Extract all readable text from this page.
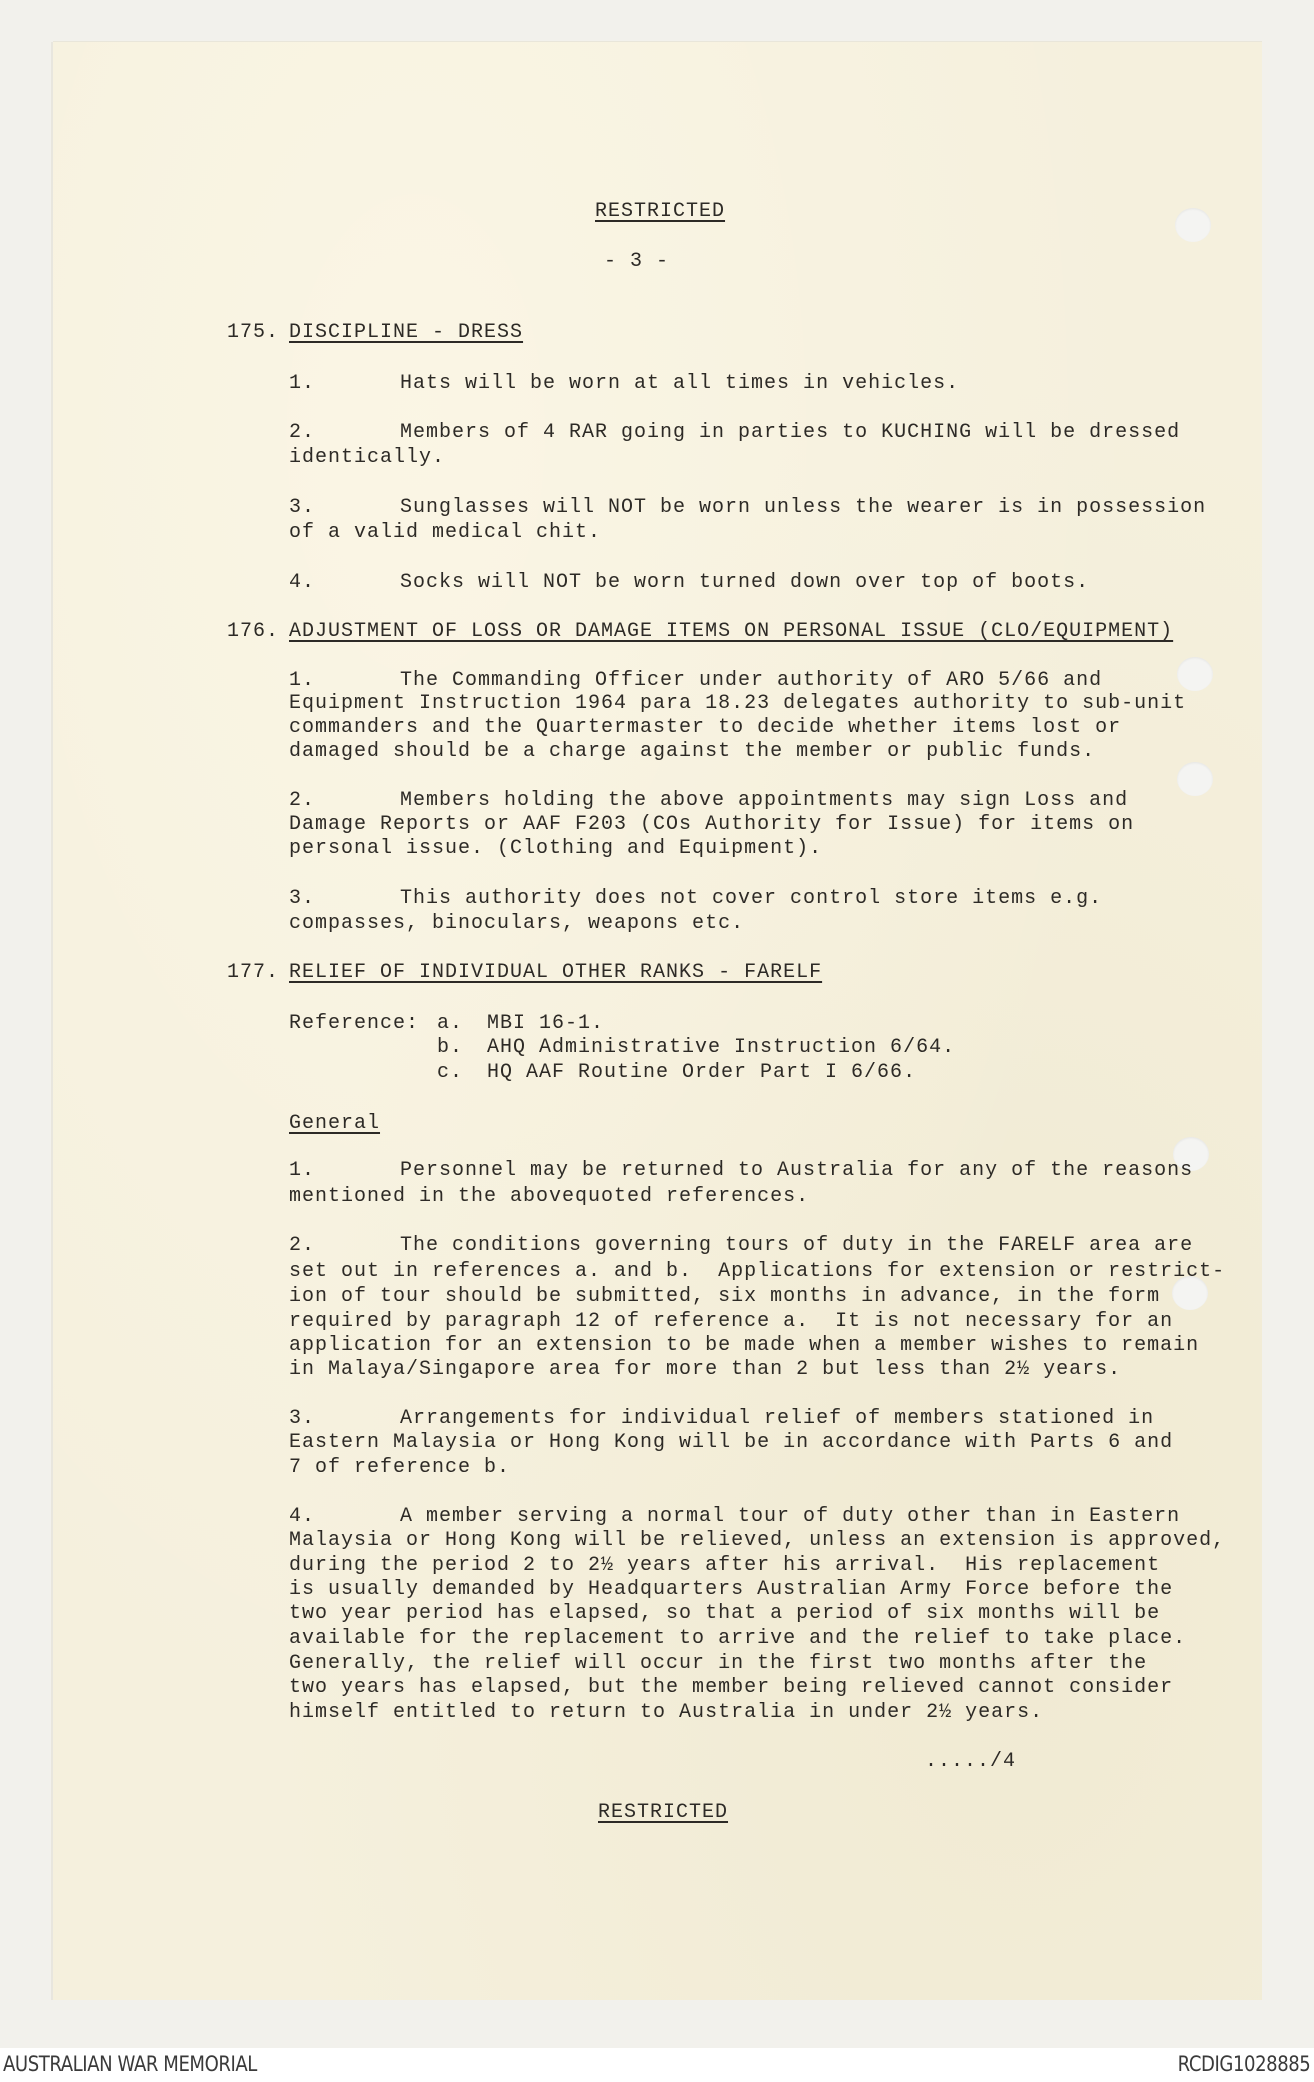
RESTRICTED
- 3 -
175. DISCIPLINE - DRESS
1.	Hats will be worn at all times in vehicles.
2.	Members of 4 RAR going in parties to KUCHING will be dressed
identically.
3.	Sunglasses will NOT be worn unless the wearer is in possession
of a valid medical chit.
4.	Socks will NOT be worn turned down over top of boots.
176. ADJUSTMENT OF LOSS OR DAMAGE ITEMS ON PERSONAL ISSUE (CLO/EQUIPMENT)
1.	The Commanding Officer under authority of ARO 5/66 and
Equipment Instruction 1964 para 18.23 delegates authority to sub-unit
commanders and the Quartermaster to decide whether items lost or
damaged should be a charge against the member or public funds.
2.	Members holding the above appointments may sign Loss and
Damage Reports or AAF F203 (COs Authority for Issue) for items on
personal issue. (Clothing and Equipment).
3.	This authority does not cover control store items e.g.
compasses, binoculars, weapons etc.
177. RELIEF OF INDIVIDUAL OTHER RANKS - FARELF
Reference: a. MBI 16-1.
b. AHQ Administrative Instruction 6/64.
c. HQ AAF Routine Order Part I 6/66.
General
1.	Personnel may be returned to Australia for any of the reasons
mentioned in the abovequoted references.
2.	The conditions governing tours of duty in the FARELF area are
set out in references a. and b.  Applications for extension or restrict-
ion of tour should be submitted, six months in advance, in the form
required by paragraph 12 of reference a.  It is not necessary for an
application for an extension to be made when a member wishes to remain
in Malaya/Singapore area for more than 2 but less than 2½ years.
3.	Arrangements for individual relief of members stationed in
Eastern Malaysia or Hong Kong will be in accordance with Parts 6 and
7 of reference b.
4.	A member serving a normal tour of duty other than in Eastern
Malaysia or Hong Kong will be relieved, unless an extension is approved,
during the period 2 to 2½ years after his arrival.  His replacement
is usually demanded by Headquarters Australian Army Force before the
two year period has elapsed, so that a period of six months will be
available for the replacement to arrive and the relief to take place.
Generally, the relief will occur in the first two months after the
two years has elapsed, but the member being relieved cannot consider
himself entitled to return to Australia in under 2½ years.
...../4
RESTRICTED
AUSTRALIAN WAR MEMORIAL	RCDIG1028885
